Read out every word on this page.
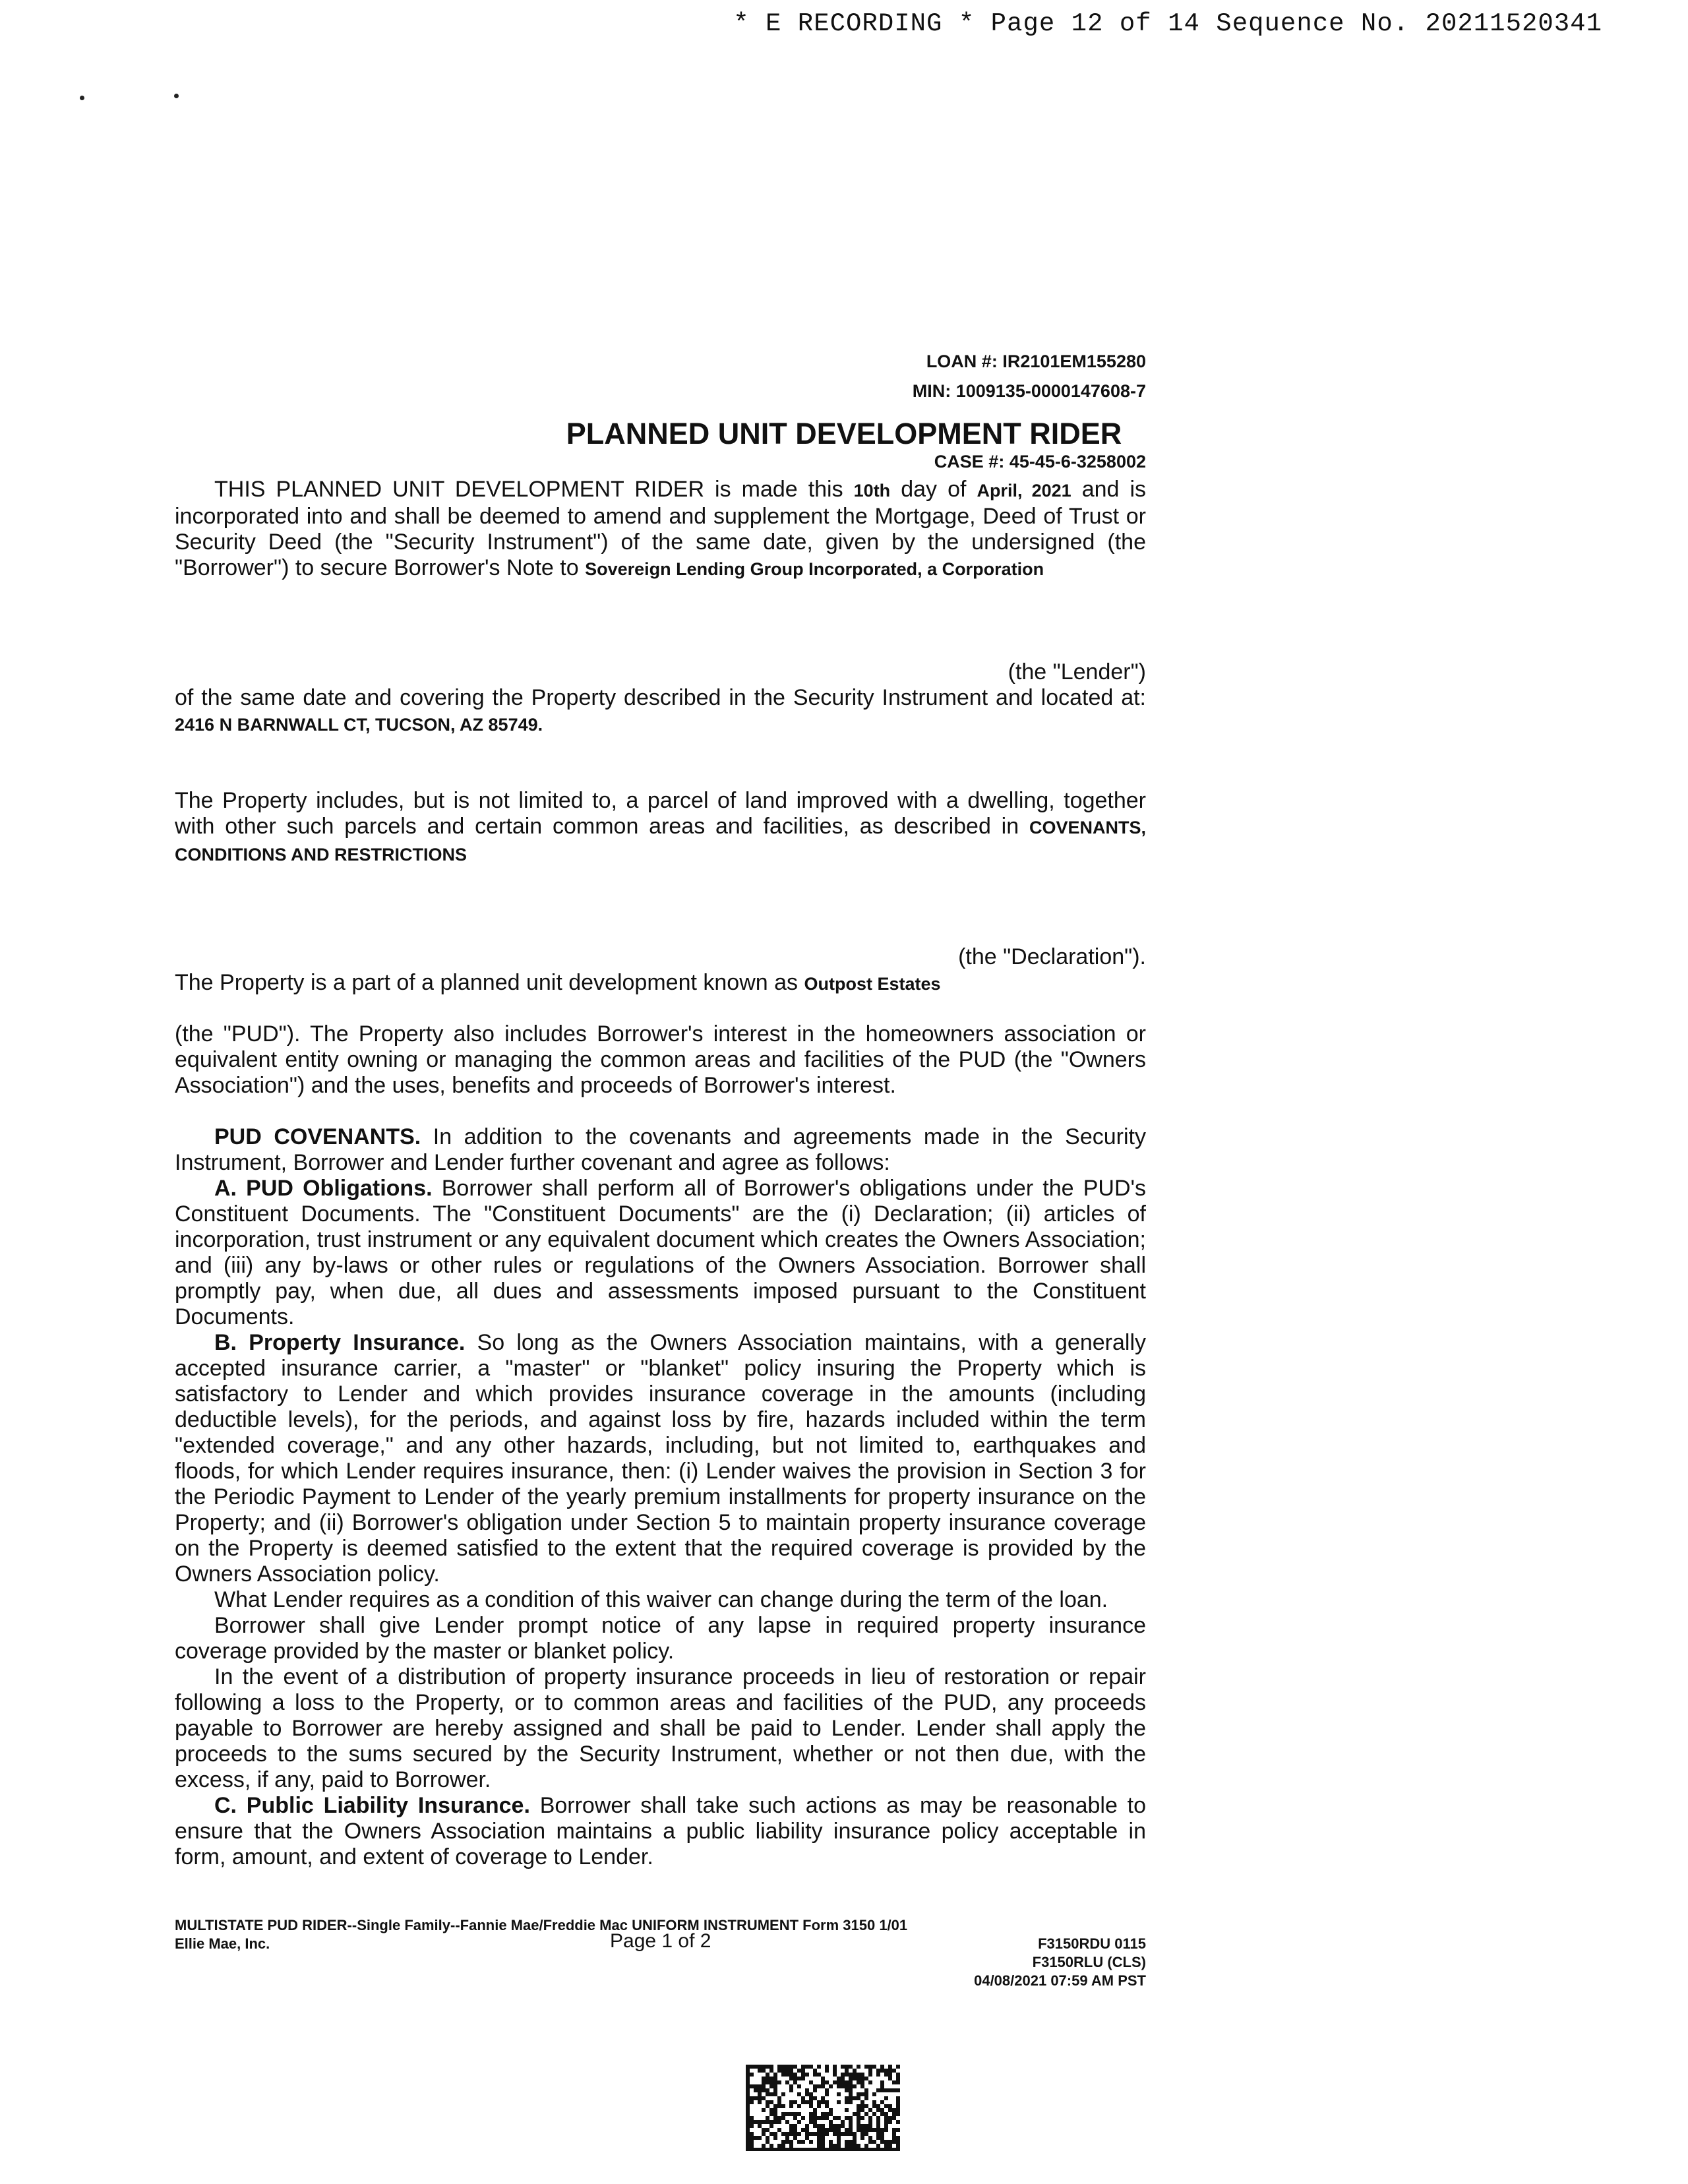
* E RECORDING * Page 12 of 14 Sequence No. 20211520341
LOAN #: IR2101EM155280
MIN: 1009135-0000147608-7
PLANNED UNIT DEVELOPMENT RIDER
CASE #: 45-45-6-3258002

THIS PLANNED UNIT DEVELOPMENT RIDER is made this 10th day of April, 2021 and is incorporated into and shall be deemed to amend and supplement the Mortgage, Deed of Trust or Security Deed (the "Security Instrument") of the same date, given by the undersigned (the "Borrower") to secure Borrower's Note to Sovereign Lending Group Incorporated, a Corporation

(the "Lender")

of the same date and covering the Property described in the Security Instrument and located at: 2416 N BARNWALL CT, TUCSON, AZ 85749.

The Property includes, but is not limited to, a parcel of land improved with a dwelling, together with other such parcels and certain common areas and facilities, as described in COVENANTS, CONDITIONS AND RESTRICTIONS

(the "Declaration").

The Property is a part of a planned unit development known as Outpost Estates

(the "PUD"). The Property also includes Borrower's interest in the homeowners association or equivalent entity owning or managing the common areas and facilities of the PUD (the "Owners Association") and the uses, benefits and proceeds of Borrower's interest.

PUD COVENANTS. In addition to the covenants and agreements made in the Security Instrument, Borrower and Lender further covenant and agree as follows:

A. PUD Obligations. Borrower shall perform all of Borrower's obligations under the PUD's Constituent Documents. The "Constituent Documents" are the (i) Declaration; (ii) articles of incorporation, trust instrument or any equivalent document which creates the Owners Association; and (iii) any by-laws or other rules or regulations of the Owners Association. Borrower shall promptly pay, when due, all dues and assessments imposed pursuant to the Constituent Documents.

B. Property Insurance. So long as the Owners Association maintains, with a generally accepted insurance carrier, a "master" or "blanket" policy insuring the Property which is satisfactory to Lender and which provides insurance coverage in the amounts (including deductible levels), for the periods, and against loss by fire, hazards included within the term "extended coverage," and any other hazards, including, but not limited to, earthquakes and floods, for which Lender requires insurance, then: (i) Lender waives the provision in Section 3 for the Periodic Payment to Lender of the yearly premium installments for property insurance on the Property; and (ii) Borrower's obligation under Section 5 to maintain property insurance coverage on the Property is deemed satisfied to the extent that the required coverage is provided by the Owners Association policy.

What Lender requires as a condition of this waiver can change during the term of the loan.

Borrower shall give Lender prompt notice of any lapse in required property insurance coverage provided by the master or blanket policy.

In the event of a distribution of property insurance proceeds in lieu of restoration or repair following a loss to the Property, or to common areas and facilities of the PUD, any proceeds payable to Borrower are hereby assigned and shall be paid to Lender. Lender shall apply the proceeds to the sums secured by the Security Instrument, whether or not then due, with the excess, if any, paid to Borrower.

C. Public Liability Insurance. Borrower shall take such actions as may be reasonable to ensure that the Owners Association maintains a public liability insurance policy acceptable in form, amount, and extent of coverage to Lender.

MULTISTATE PUD RIDER--Single Family--Fannie Mae/Freddie Mac UNIFORM INSTRUMENT Form 3150 1/01
Ellie Mae, Inc.	Page 1 of 2	F3150RDU 0115
F3150RLU (CLS)
04/08/2021 07:59 AM PST
